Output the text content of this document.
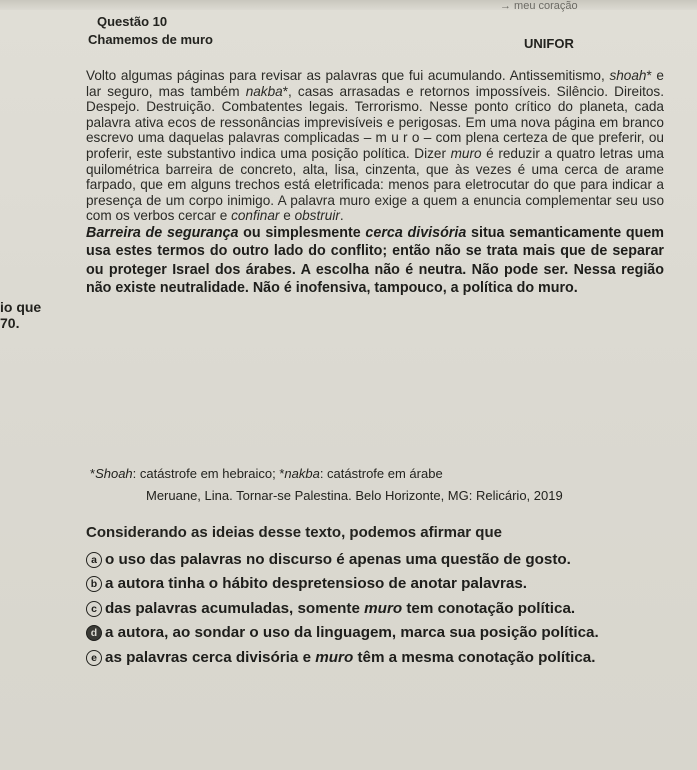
→ meu coração
Questão 10
Chamemos de muro	UNIFOR
io que
70.

Volto algumas páginas para revisar as palavras que fui acumulando. Antissemitismo, shoah* e lar seguro, mas também nakba*, casas arrasadas e retornos impossíveis. Silêncio. Direitos. Despejo. Destruição. Combatentes legais. Terrorismo. Nesse ponto crítico do planeta, cada palavra ativa ecos de ressonâncias imprevisíveis e perigosas. Em uma nova página em branco escrevo uma daquelas palavras complicadas – m u r o – com plena certeza de que preferir, ou proferir, este substantivo indica uma posição política. Dizer muro é reduzir a quatro letras uma quilométrica barreira de concreto, alta, lisa, cinzenta, que às vezes é uma cerca de arame farpado, que em alguns trechos está eletrificada: menos para eletrocutar do que para indicar a presença de um corpo inimigo. A palavra muro exige a quem a enuncia complementar seu uso com os verbos cercar e confinar e obstruir.

Barreira de segurança ou simplesmente cerca divisória situa semanticamente quem usa estes termos do outro lado do conflito; então não se trata mais que de separar ou proteger Israel dos árabes. A escolha não é neutra. Não pode ser. Nessa região não existe neutralidade. Não é inofensiva, tampouco, a política do muro.

*Shoah: catástrofe em hebraico; *nakba: catástrofe em árabe
Meruane, Lina. Tornar-se Palestina. Belo Horizonte, MG: Relicário, 2019
Considerando as ideias desse texto, podemos afirmar que
a o uso das palavras no discurso é apenas uma questão de gosto.
b a autora tinha o hábito despretensioso de anotar palavras.
c das palavras acumuladas, somente muro tem conotação política.
d a autora, ao sondar o uso da linguagem, marca sua posição política.
e as palavras cerca divisória e muro têm a mesma conotação política.
